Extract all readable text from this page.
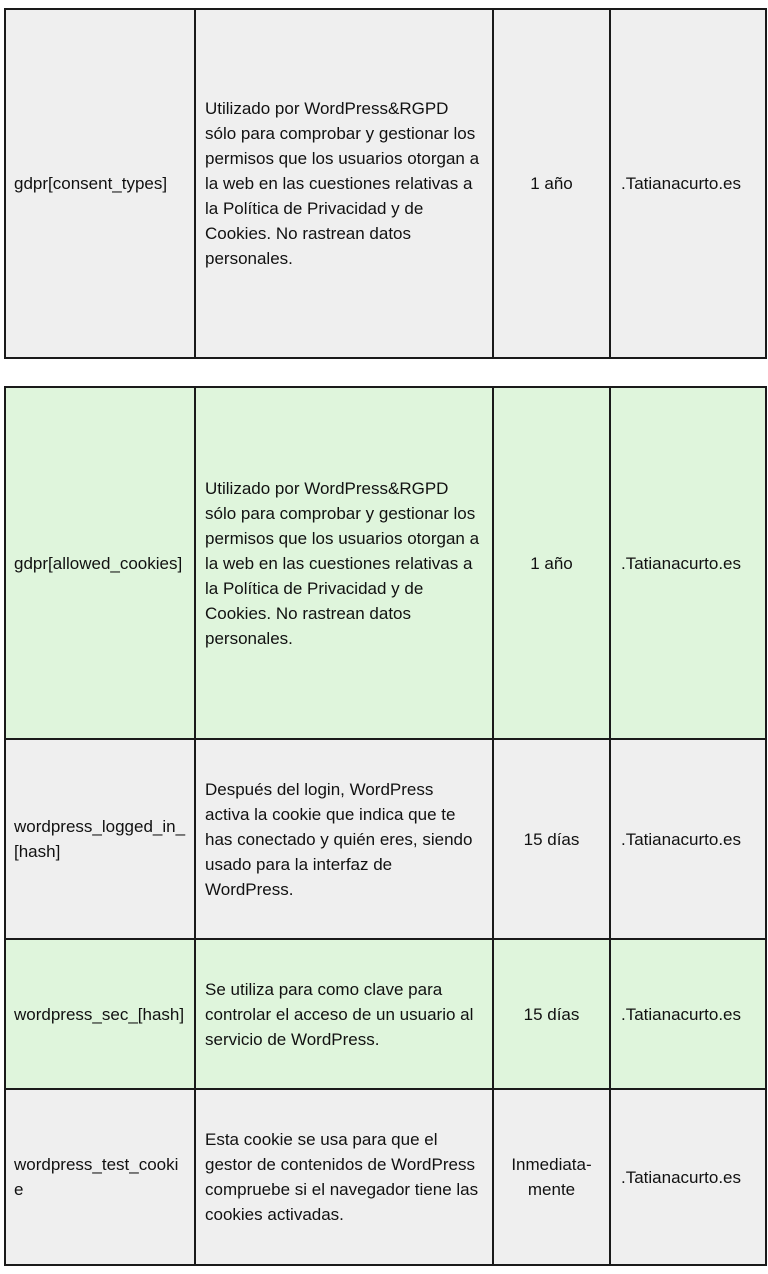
gdpr[consent_types]	Utilizado por WordPress&RGPD sólo para comprobar y gestionar los permisos que los usuarios otorgan a la web en las cuestiones relativas a la Política de Privacidad y de Cookies. No rastrean datos personales.	1 año	.Tatianacurto.es
gdpr[allowed_cookies]	Utilizado por WordPress&RGPD sólo para comprobar y gestionar los permisos que los usuarios otorgan a la web en las cuestiones relativas a la Política de Privacidad y de Cookies. No rastrean datos personales.	1 año	.Tatianacurto.es
wordpress_logged_in_[hash]	Después del login, WordPress activa la cookie que indica que te has conectado y quién eres, siendo usado para la interfaz de WordPress.	15 días	.Tatianacurto.es
wordpress_sec_[hash]	Se utiliza para como clave para controlar el acceso de un usuario al servicio de WordPress.	15 días	.Tatianacurto.es
wordpress_test_cookie	Esta cookie se usa para que el gestor de contenidos de WordPress compruebe si el navegador tiene las cookies activadas.	Inmediata-mente	.Tatianacurto.es
